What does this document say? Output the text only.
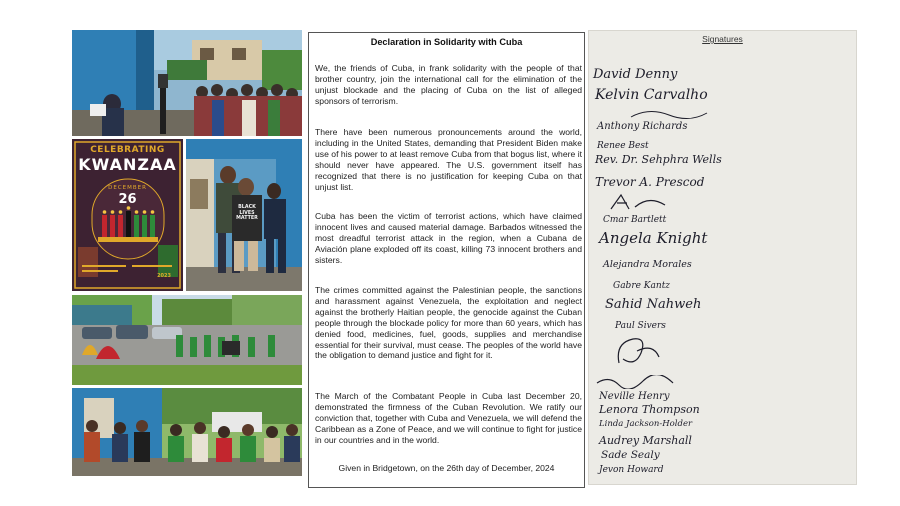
CELEBRATING
KWANZAA
DECEMBER
26
2023
BLACK
LIVES
MATTER
Declaration in Solidarity with Cuba
We, the friends of Cuba, in frank solidarity with the people of that brother country, join the international call for the elimination of the unjust blockade and the placing of Cuba on the list of alleged sponsors of terrorism.
There have been numerous pronouncements around the world, including in the United States, demanding that President Biden make use of his power to at least remove Cuba from that bogus list, where it should never have appeared. The U.S. government itself has recognized that there is no justification for keeping Cuba on that unjust list.
Cuba has been the victim of terrorist actions, which have claimed innocent lives and caused material damage. Barbados witnessed the most dreadful terrorist attack in the region, when a Cubana de Aviación plane exploded off its coast, killing 73 innocent brothers and sisters.
The crimes committed against the Palestinian people, the sanctions and harassment against Venezuela, the exploitation and neglect against the brotherly Haitian people, the genocide against the Cuban people through the blockade policy for more than 60 years, which has denied food, medicines, fuel, goods, supplies and merchandise essential for their survival, must cease. The peoples of the world have the obligation to demand justice and fight for it.
The March of the Combatant People in Cuba last December 20, demonstrated the firmness of the Cuban Revolution. We ratify our conviction that, together with Cuba and Venezuela, we will defend the Caribbean as a Zone of Peace, and we will continue to fight for justice in our countries and in the world.
Given in Bridgetown, on the 26th day of December, 2024
Signatures
David Denny
Kelvin Carvalho
Anthony Richards
Renee Best
Rev. Dr. Sehphra Wells
Trevor A. Prescod
Cmar Bartlett
Angela Knight
Alejandra Morales
Gabre Kantz
Sahid Nahweh
Paul Sivers
Neville Henry
Lenora Thompson
Linda Jackson-Holder
Audrey Marshall
Sade Sealy
Jevon Howard
